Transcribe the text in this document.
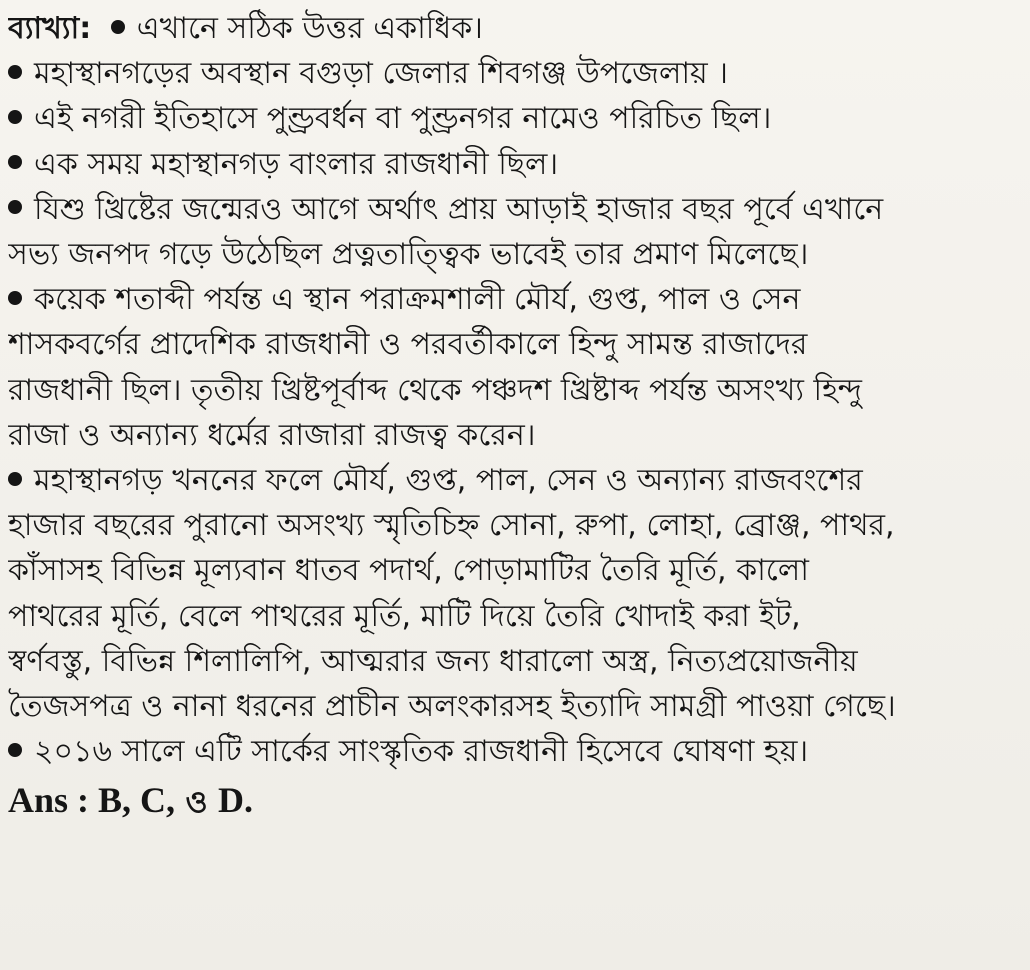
ব্যাখ্যা: এখানে সঠিক উত্তর একাধিক।
মহাস্থানগড়ের অবস্থান বগুড়া জেলার শিবগঞ্জ উপজেলায় ।
এই নগরী ইতিহাসে পুণ্ড্রবর্ধন বা পুণ্ড্রনগর নামেও পরিচিত ছিল।
এক সময় মহাস্থানগড় বাংলার রাজধানী ছিল।
যিশু খ্রিষ্টের জন্মেরও আগে অর্থাৎ প্রায় আড়াই হাজার বছর পূর্বে এখানে
সভ্য জনপদ গড়ে উঠেছিল প্রত্নতাত্ত্বিক ভাবেই তার প্রমাণ মিলেছে।
কয়েক শতাব্দী পর্যন্ত এ স্থান পরাক্রমশালী মৌর্য, গুপ্ত, পাল ও সেন
শাসকবর্গের প্রাদেশিক রাজধানী ও পরবর্তীকালে হিন্দু সামন্ত রাজাদের
রাজধানী ছিল। তৃতীয় খ্রিষ্টপূর্বাব্দ থেকে পঞ্চদশ খ্রিষ্টাব্দ পর্যন্ত অসংখ্য হিন্দু
রাজা ও অন্যান্য ধর্মের রাজারা রাজত্ব করেন।
মহাস্থানগড় খননের ফলে মৌর্য, গুপ্ত, পাল, সেন ও অন্যান্য রাজবংশের
হাজার বছরের পুরানো অসংখ্য স্মৃতিচিহ্ন সোনা, রুপা, লোহা, ব্রোঞ্জ, পাথর,
কাঁসাসহ বিভিন্ন মূল্যবান ধাতব পদার্থ, পোড়ামাটির তৈরি মূর্তি, কালো
পাথরের মূর্তি, বেলে পাথরের মূর্তি, মাটি দিয়ে তৈরি খোদাই করা ইট,
স্বর্ণবস্তু, বিভিন্ন শিলালিপি, আত্মরার জন্য ধারালো অস্ত্র, নিত্যপ্রয়োজনীয়
তৈজসপত্র ও নানা ধরনের প্রাচীন অলংকারসহ ইত্যাদি সামগ্রী পাওয়া গেছে।
২০১৬ সালে এটি সার্কের সাংস্কৃতিক রাজধানী হিসেবে ঘোষণা হয়।
Ans : B, C, ও D.
